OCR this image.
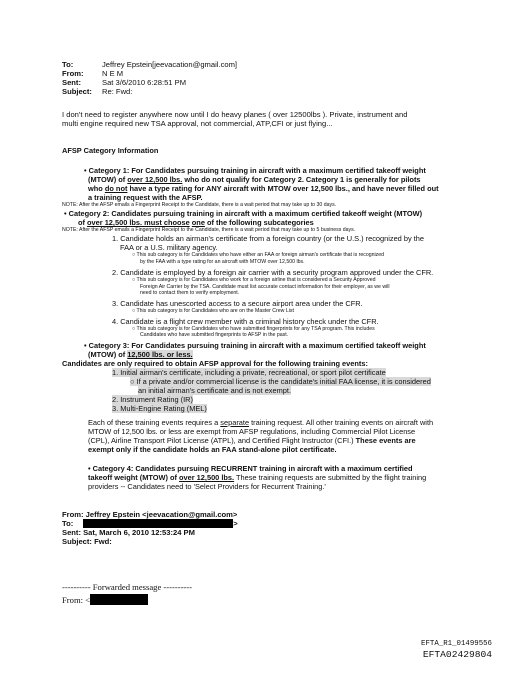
To:	Jeffrey Epstein[jeevacation@gmail.com]
From: N E M
Sent:	Sat 3/6/2010 6:28:51 PM
Subject: Re: Fwd:
I don't need to register anywhere now until I do heavy planes ( over 12500lbs ). Private, instrument and
multi engine required new TSA approval, not commercial, ATP,CFI or just flying...
AFSP Category Information
• Category 1: For Candidates pursuing training in aircraft with a maximum certified takeoff weight
(MTOW) of over 12,500 lbs. who do not qualify for Category 2. Category 1 is generally for pilots
who do not have a type rating for ANY aircraft with MTOW over 12,500 lbs., and have never filled out
a training request with the AFSP.
NOTE: After the AFSP emails a Fingerprint Receipt to the Candidate, there is a wait period that may take up to 30 days.
• Category 2: Candidates pursuing training in aircraft with a maximum certified takeoff weight (MTOW)
of over 12,500 lbs. must choose one of the following subcategories
NOTE: After the AFSP emails a Fingerprint Receipt to the Candidate, there is a wait period that may take up to 5 business days.
1. Candidate holds an airman's certificate from a foreign country (or the U.S.) recognized by the
FAA or a U.S. military agency.
○ This sub category is for Candidates who have either an FAA or foreign airman's certificate that is recognized
by the FAA with a type rating for an aircraft with MTOW over 12,500 lbs.
2. Candidate is employed by a foreign air carrier with a security program approved under the CFR.
○ This sub category is for Candidates who work for a foreign airline that is considered a Security Approved
Foreign Air Carrier by the TSA. Candidate must list accurate contact information for their employer, as we will
need to contact them to verify employment.
3. Candidate has unescorted access to a secure airport area under the CFR.
○ This sub category is for Candidates who are on the Master Crew List
4. Candidate is a flight crew member with a criminal history check under the CFR.
○ This sub category is for Candidates who have submitted fingerprints for any TSA program. This includes
Candidates who have submitted fingerprints to AFSP in the past.
• Category 3: For Candidates pursuing training in aircraft with a maximum certified takeoff weight
(MTOW) of 12,500 lbs. or less.
Candidates are only required to obtain AFSP approval for the following training events:
1. Initial airman's certificate, including a private, recreational, or sport pilot certificate
○ If a private and/or commercial license is the candidate's initial FAA license, it is considered
an initial airman's certificate and is not exempt.
2. Instrument Rating (IR)
3. Multi-Engine Rating (MEL)
Each of these training events requires a separate training request. All other training events on aircraft with
MTOW of 12,500 lbs. or less are exempt from AFSP regulations, including Commercial Pilot License
(CPL), Airline Transport Pilot License (ATPL), and Certified Flight Instructor (CFI.) These events are
exempt only if the candidate holds an FAA stand-alone pilot certificate.
• Category 4: Candidates pursuing RECURRENT training in aircraft with a maximum certified
takeoff weight (MTOW) of over 12,500 lbs. These training requests are submitted by the flight training
providers -- Candidates need to 'Select Providers for Recurrent Training.'
From: Jeffrey Epstein <jeevacation@gmail.com>
To:	>
Sent: Sat, March 6, 2010 12:53:24 PM
Subject: Fwd:
---------- Forwarded message ----------
From: <
EFTA_R1_01499556
EFTA02429804
